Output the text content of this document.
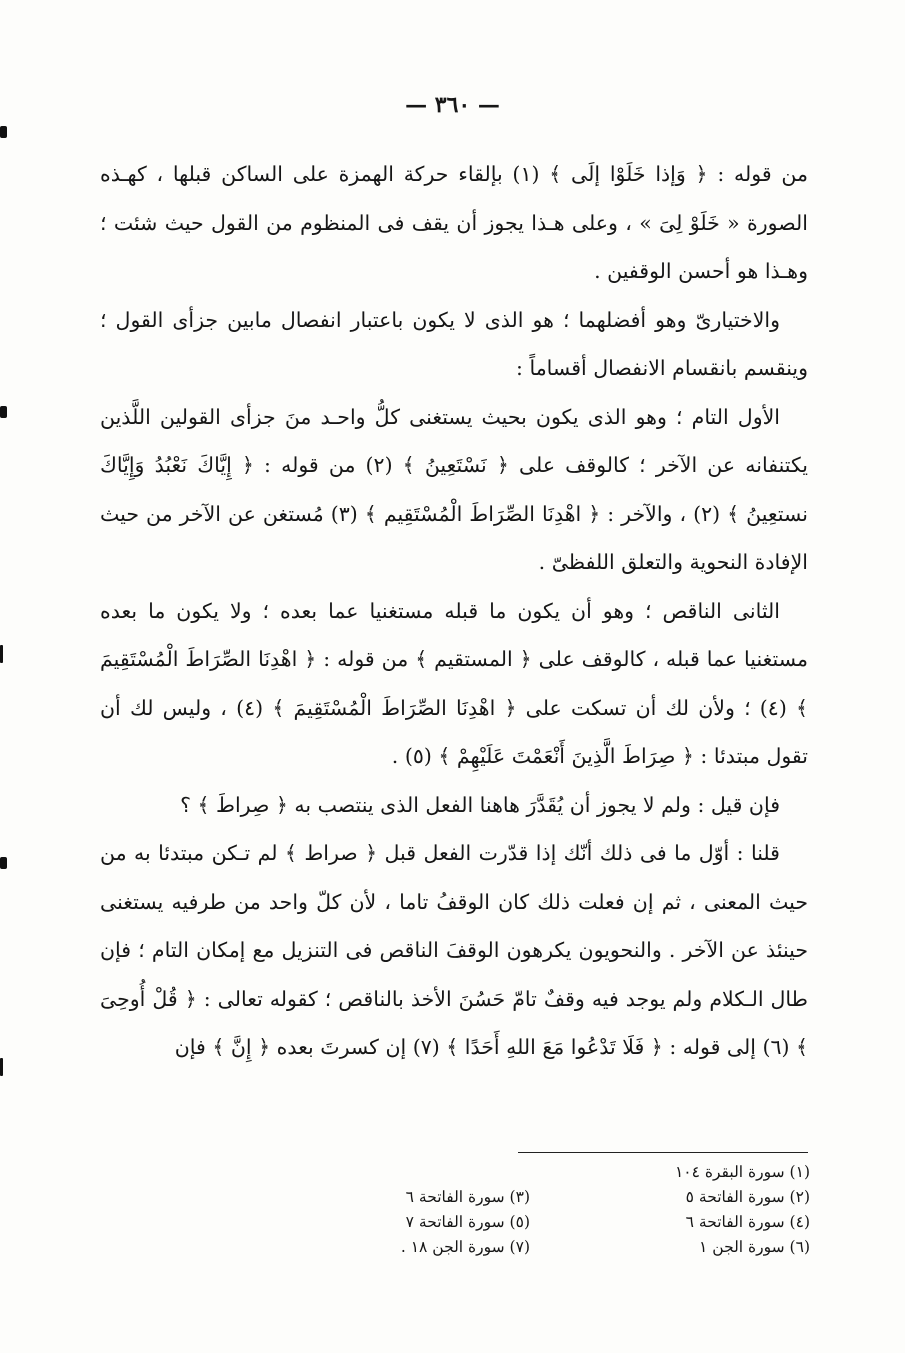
— ٣٦٠ —

من قوله : ﴿ وَإذا خَلَوْا إلَى ﴾ (١) بإلقاء حركة الهمزة على الساكن قبلها ، كهـذه الصورة « خَلَوْ لِىَ » ، وعلى هـذا يجوز أن يقف فى المنظوم من القول حيث شئت ؛ وهـذا هو أحسن الوقفين .

والاختيارىّ وهو أفضلهما ؛ هو الذى لا يكون باعتبار انفصال مابين جزأى القول ؛ وينقسم بانقسام الانفصال أقساماً :

الأول التام ؛ وهو الذى يكون بحيث يستغنى كلُّ واحـد منَ جزأى القولين اللَّذين يكتنفانه عن الآخر ؛ كالوقف على ﴿ نَسْتَعِينُ ﴾ (٢) من قوله : ﴿ إِيَّاكَ نَعْبُدُ وَإِيَّاكَ نستعِينُ ﴾ (٢) ، والآخر : ﴿ اهْدِنَا الصِّرَاطَ الْمُسْتَقِيم ﴾ (٣) مُستغن عن الآخر من حيث الإفادة النحوية والتعلق اللفظىّ .

الثانى الناقص ؛ وهو أن يكون ما قبله مستغنيا عما بعده ؛ ولا يكون ما بعده مستغنيا عما قبله ، كالوقف على ﴿ المستقيم ﴾ من قوله : ﴿ اهْدِنَا الصِّرَاطَ الْمُسْتَقِيمَ ﴾ (٤) ؛ ولأن لك أن تسكت على ﴿ اهْدِنَا الصِّرَاطَ الْمُسْتَقِيمَ ﴾ (٤) ، وليس لك أن تقول مبتدئا : ﴿ صِرَاطَ الَّذِينَ أَنْعَمْتَ عَلَيْهِمْ ﴾ (٥) .

فإن قيل : ولم لا يجوز أن يُقَدَّرَ هاهنا الفعل الذى ينتصب به ﴿ صِراطَ ﴾ ؟

قلنا : أوّل ما فى ذلك أنّك إذا قدّرت الفعل قبل ﴿ صراط ﴾ لم تـكن مبتدئا به من حيث المعنى ، ثم إن فعلت ذلك كان الوقفُ تاما ، لأن كلّ واحد من طرفيه يستغنى حينئذ عن الآخر . والنحويون يكرهون الوقفَ الناقص فى التنزيل مع إمكان التام ؛ فإن طال الـكلام ولم يوجد فيه وقفٌ تامّ حَسُنَ الأخذ بالناقص ؛ كقوله تعالى : ﴿ قُلْ أُوحِىَ ﴾ (٦) إلى قوله : ﴿ فَلَا تَدْعُوا مَعَ اللهِ أَحَدًا ﴾ (٧) إن كسرتَ بعده ﴿ إِنَّ ﴾ فإن

(١) سورة البقرة ١٠٤
(٢) سورة الفاتحة ٥
(٤) سورة الفاتحة ٦
(٦) سورة الجن ١
(٣) سورة الفاتحة ٦
(٥) سورة الفاتحة ٧
(٧) سورة الجن ١٨ .
